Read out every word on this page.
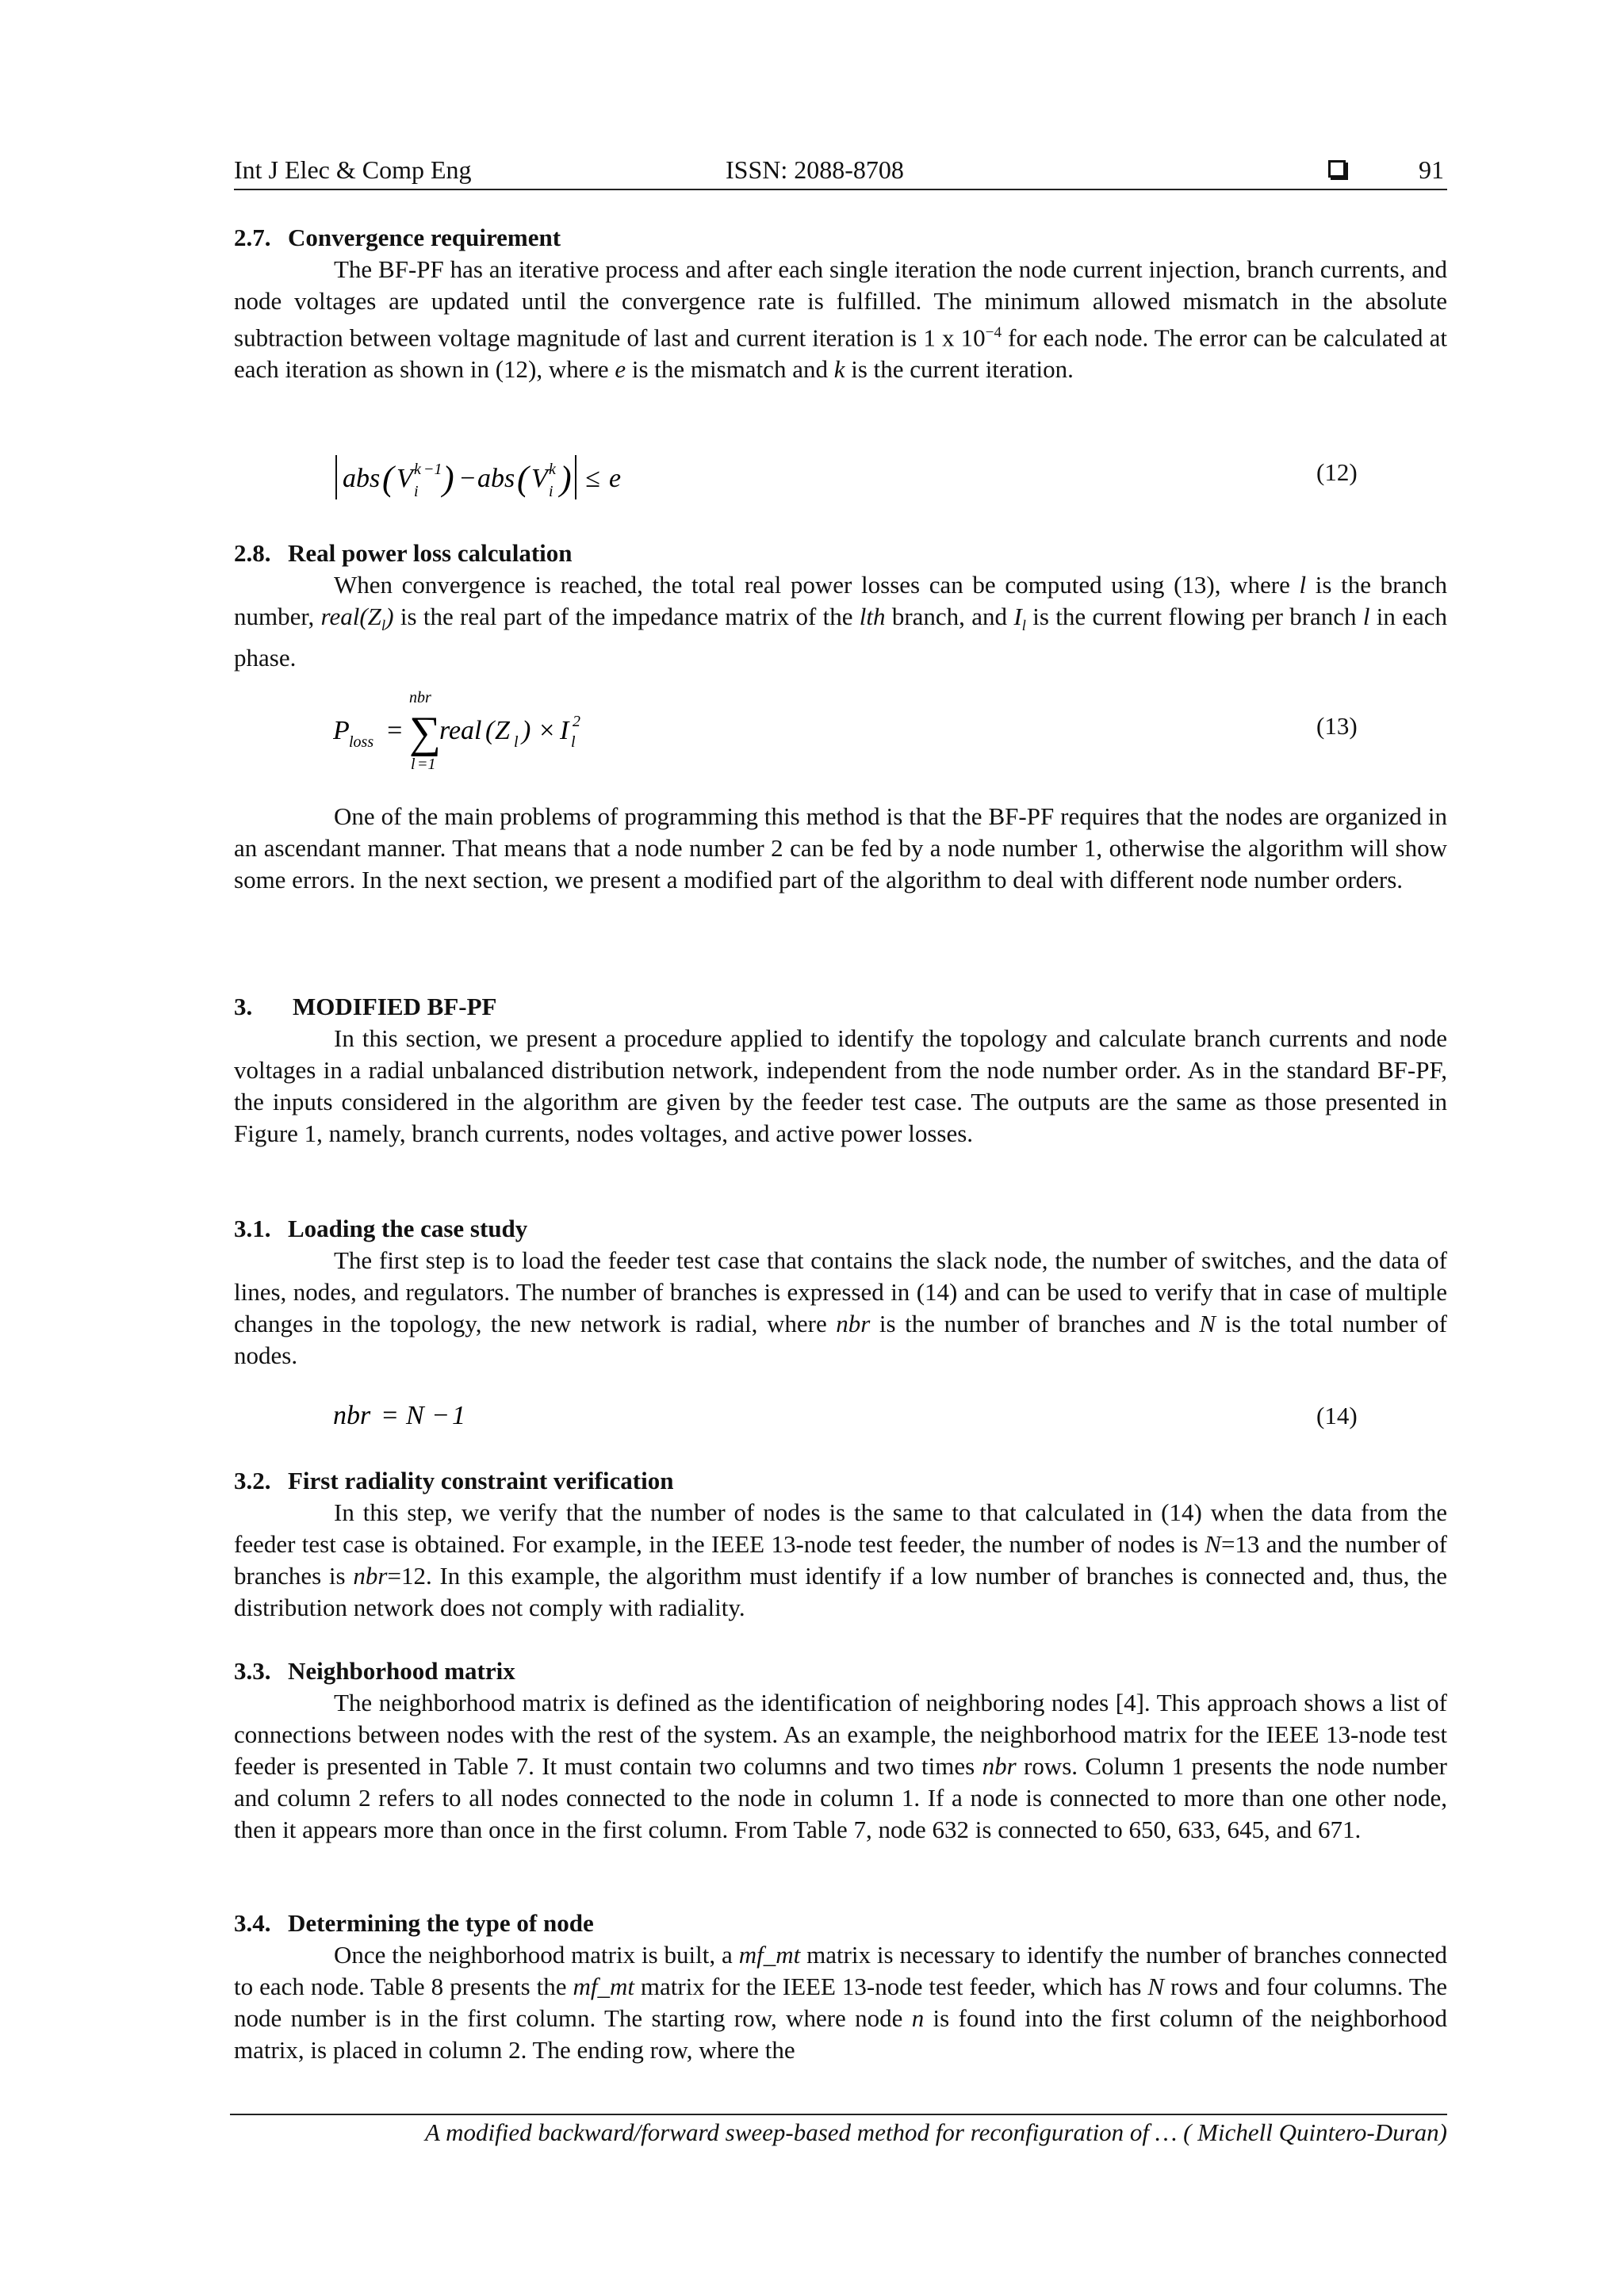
Int J Elec & Comp Eng	ISSN: 2088-8708	91
2.7. Convergence requirement

The BF-PF has an iterative process and after each single iteration the node current injection, branch currents, and node voltages are updated until the convergence rate is fulfilled. The minimum allowed mismatch in the absolute subtraction between voltage magnitude of last and current iteration is 1 x $10^{-4}$ for each node. The error can be calculated at each iteration as shown in (12), where e is the mismatch and k is the current iteration.

abs ( V k −1
i ) − abs ( V k
i ) ≤ e	(12)
2.8. Real power loss calculation

When convergence is reached, the total real power losses can be computed using (13), where l is the branch number, $real(Z_l)$ is the real part of the impedance matrix of the lth branch, and $I_l$ is the current flowing per branch l in each phase.

P loss =
nbr
∑
l =1
real ( Z l ) × I 2
l
(13)

One of the main problems of programming this method is that the BF-PF requires that the nodes are organized in an ascendant manner. That means that a node number 2 can be fed by a node number 1, otherwise the algorithm will show some errors. In the next section, we present a modified part of the algorithm to deal with different node number orders.

3. MODIFIED BF-PF

In this section, we present a procedure applied to identify the topology and calculate branch currents and node voltages in a radial unbalanced distribution network, independent from the node number order. As in the standard BF-PF, the inputs considered in the algorithm are given by the feeder test case. The outputs are the same as those presented in Figure 1, namely, branch currents, nodes voltages, and active power losses.

3.1. Loading the case study

The first step is to load the feeder test case that contains the slack node, the number of switches, and the data of lines, nodes, and regulators. The number of branches is expressed in (14) and can be used to verify that in case of multiple changes in the topology, the new network is radial, where nbr is the number of branches and N is the total number of nodes.

nbr = N − 1	(14)
3.2. First radiality constraint verification

In this step, we verify that the number of nodes is the same to that calculated in (14) when the data from the feeder test case is obtained. For example, in the IEEE 13-node test feeder, the number of nodes is N=13 and the number of branches is nbr=12. In this example, the algorithm must identify if a low number of branches is connected and, thus, the distribution network does not comply with radiality.

3.3. Neighborhood matrix

The neighborhood matrix is defined as the identification of neighboring nodes [4]. This approach shows a list of connections between nodes with the rest of the system. As an example, the neighborhood matrix for the IEEE 13-node test feeder is presented in Table 7. It must contain two columns and two times nbr rows. Column 1 presents the node number and column 2 refers to all nodes connected to the node in column 1. If a node is connected to more than one other node, then it appears more than once in the first column. From Table 7, node 632 is connected to 650, 633, 645, and 671.

3.4. Determining the type of node

Once the neighborhood matrix is built, a mf_mt matrix is necessary to identify the number of branches connected to each node. Table 8 presents the mf_mt matrix for the IEEE 13-node test feeder, which has N rows and four columns. The node number is in the first column. The starting row, where node n is found into the first column of the neighborhood matrix, is placed in column 2. The ending row, where the

A modified backward/forward sweep-based method for reconfiguration of … ( Michell Quintero-Duran)
